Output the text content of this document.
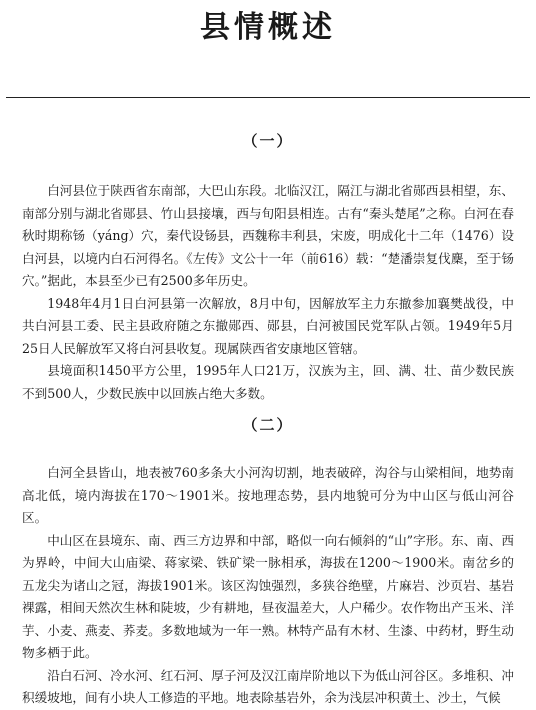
县情概述
（一）

白河县位于陕西省东南部，大巴山东段。北临汉江，隔江与湖北省郧西县相望，东、南部分别与湖北省郧县、竹山县接壤，西与旬阳县相连。古有“秦头楚尾”之称。白河在春秋时期称钖（yáng）穴，秦代设钖县，西魏称丰利县，宋废，明成化十二年（1476）设白河县，以境内白石河得名。《左传》文公十一年（前616）载：“楚潘崇复伐麇，至于钖穴。”据此，本县至少已有2500多年历史。

1948年4月1日白河县第一次解放，8月中旬，因解放军主力东撤参加襄樊战役，中共白河县工委、民主县政府随之东撤郧西、郧县，白河被国民党军队占领。1949年5月25日人民解放军又将白河县收复。现属陕西省安康地区管辖。

县境面积1450平方公里，1995年人口21万，汉族为主，回、满、壮、苗少数民族不到500人，少数民族中以回族占绝大多数。

（二）

白河全县皆山，地表被760多条大小河沟切割，地表破碎，沟谷与山梁相间，地势南高北低，境内海拔在170～1901米。按地理态势，县内地貌可分为中山区与低山河谷区。

中山区在县境东、南、西三方边界和中部，略似一向右倾斜的“山”字形。东、南、西为界岭，中间大山庙梁、蒋家梁、铁矿梁一脉相承，海拔在1200～1900米。南岔乡的五龙尖为诸山之冠，海拔1901米。该区沟蚀强烈，多狭谷绝壁，片麻岩、沙页岩、基岩裸露，相间天然次生林和陡坡，少有耕地，昼夜温差大，人户稀少。农作物出产玉米、洋芋、小麦、燕麦、荞麦。多数地域为一年一熟。林特产品有木材、生漆、中药材，野生动物多栖于此。

沿白石河、冷水河、红石河、厚子河及汉江南岸阶地以下为低山河谷区。多堆积、冲积缓坡地，间有小块人工修造的平地。地表除基岩外，余为浅层冲积黄土、沙土，气候
